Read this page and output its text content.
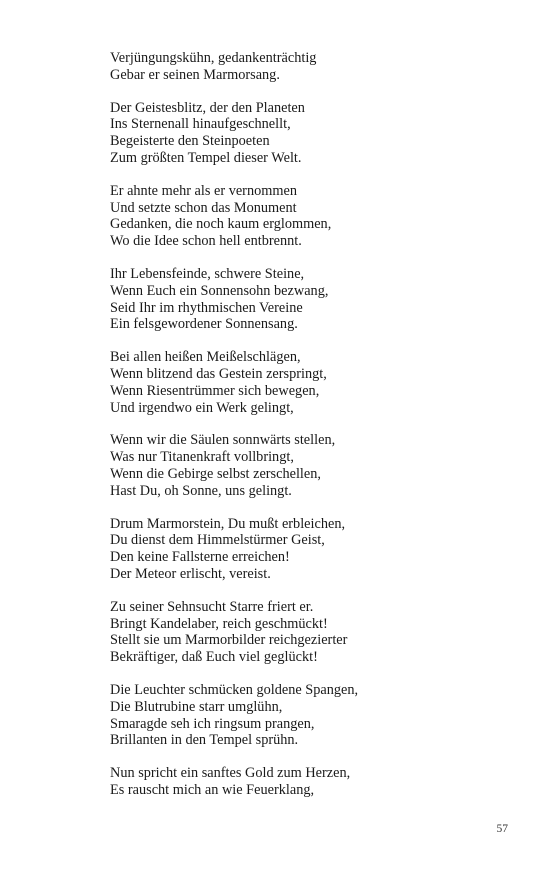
Verjüngungskühn, gedankenträchtig
Gebar er seinen Marmorsang.
Der Geistesblitz, der den Planeten
Ins Sternenall hinaufgeschnellt,
Begeisterte den Steinpoeten
Zum größten Tempel dieser Welt.
Er ahnte mehr als er vernommen
Und setzte schon das Monument
Gedanken, die noch kaum erglommen,
Wo die Idee schon hell entbrennt.
Ihr Lebensfeinde, schwere Steine,
Wenn Euch ein Sonnensohn bezwang,
Seid Ihr im rhythmischen Vereine
Ein felsgewordener Sonnensang.
Bei allen heißen Meißelschlägen,
Wenn blitzend das Gestein zerspringt,
Wenn Riesentrümmer sich bewegen,
Und irgendwo ein Werk gelingt,
Wenn wir die Säulen sonnwärts stellen,
Was nur Titanenkraft vollbringt,
Wenn die Gebirge selbst zerschellen,
Hast Du, oh Sonne, uns gelingt.
Drum Marmorstein, Du mußt erbleichen,
Du dienst dem Himmelstürmer Geist,
Den keine Fallsterne erreichen!
Der Meteor erlischt, vereist.
Zu seiner Sehnsucht Starre friert er.
Bringt Kandelaber, reich geschmückt!
Stellt sie um Marmorbilder reichgezierter
Bekräftiger, daß Euch viel geglückt!
Die Leuchter schmücken goldene Spangen,
Die Blutrubine starr umglühn,
Smaragde seh ich ringsum prangen,
Brillanten in den Tempel sprühn.
Nun spricht ein sanftes Gold zum Herzen,
Es rauscht mich an wie Feuerklang,
57
